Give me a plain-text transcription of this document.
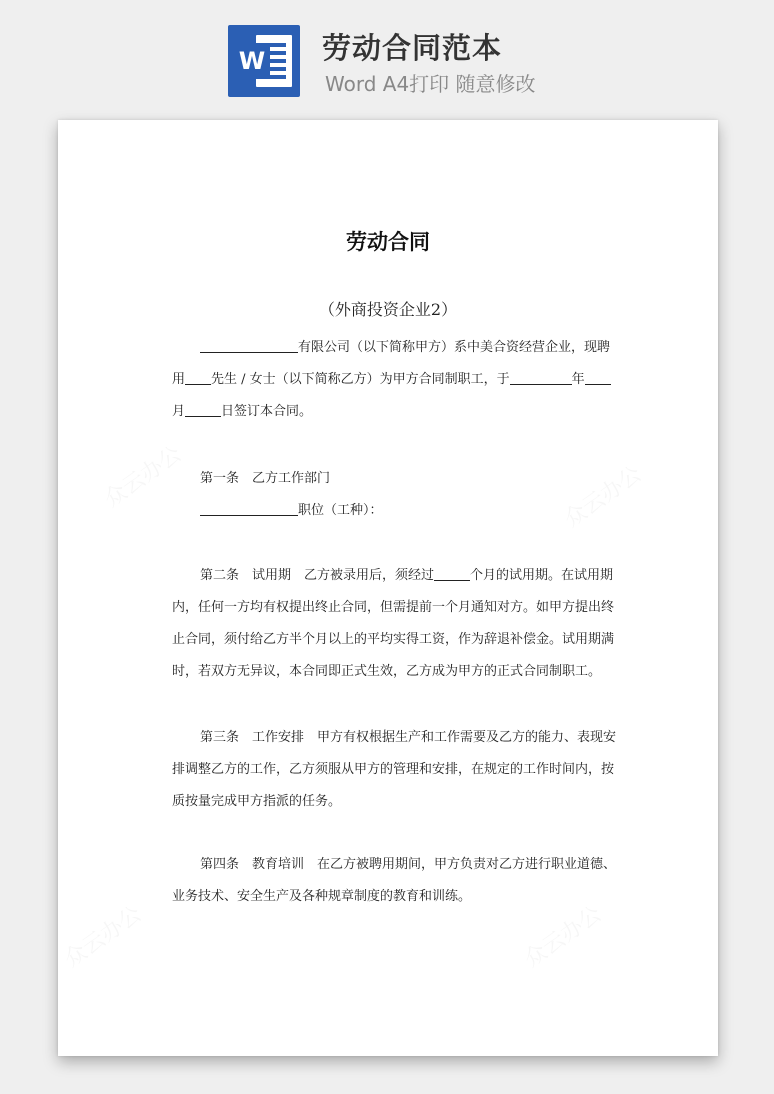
W 劳动合同范本
Word A4打印 随意修改
劳动合同
（外商投资企业2）
有限公司（以下简称甲方）系中美合资经营企业，现聘
用 先生 / 女士（以下简称乙方）为甲方合同制职工，于	年
月	日签订本合同。
第一条　乙方工作部门
职位（工种）：
第二条　试用期　乙方被录用后，须经过	个月的试用期。在试用期
内，任何一方均有权提出终止合同，但需提前一个月通知对方。如甲方提出终
止合同，须付给乙方半个月以上的平均实得工资，作为辞退补偿金。试用期满
时，若双方无异议，本合同即正式生效，乙方成为甲方的正式合同制职工。
第三条　工作安排　甲方有权根据生产和工作需要及乙方的能力、表现安
排调整乙方的工作，乙方须服从甲方的管理和安排，在规定的工作时间内，按
质按量完成甲方指派的任务。
第四条　教育培训　在乙方被聘用期间，甲方负责对乙方进行职业道德、
业务技术、安全生产及各种规章制度的教育和训练。
